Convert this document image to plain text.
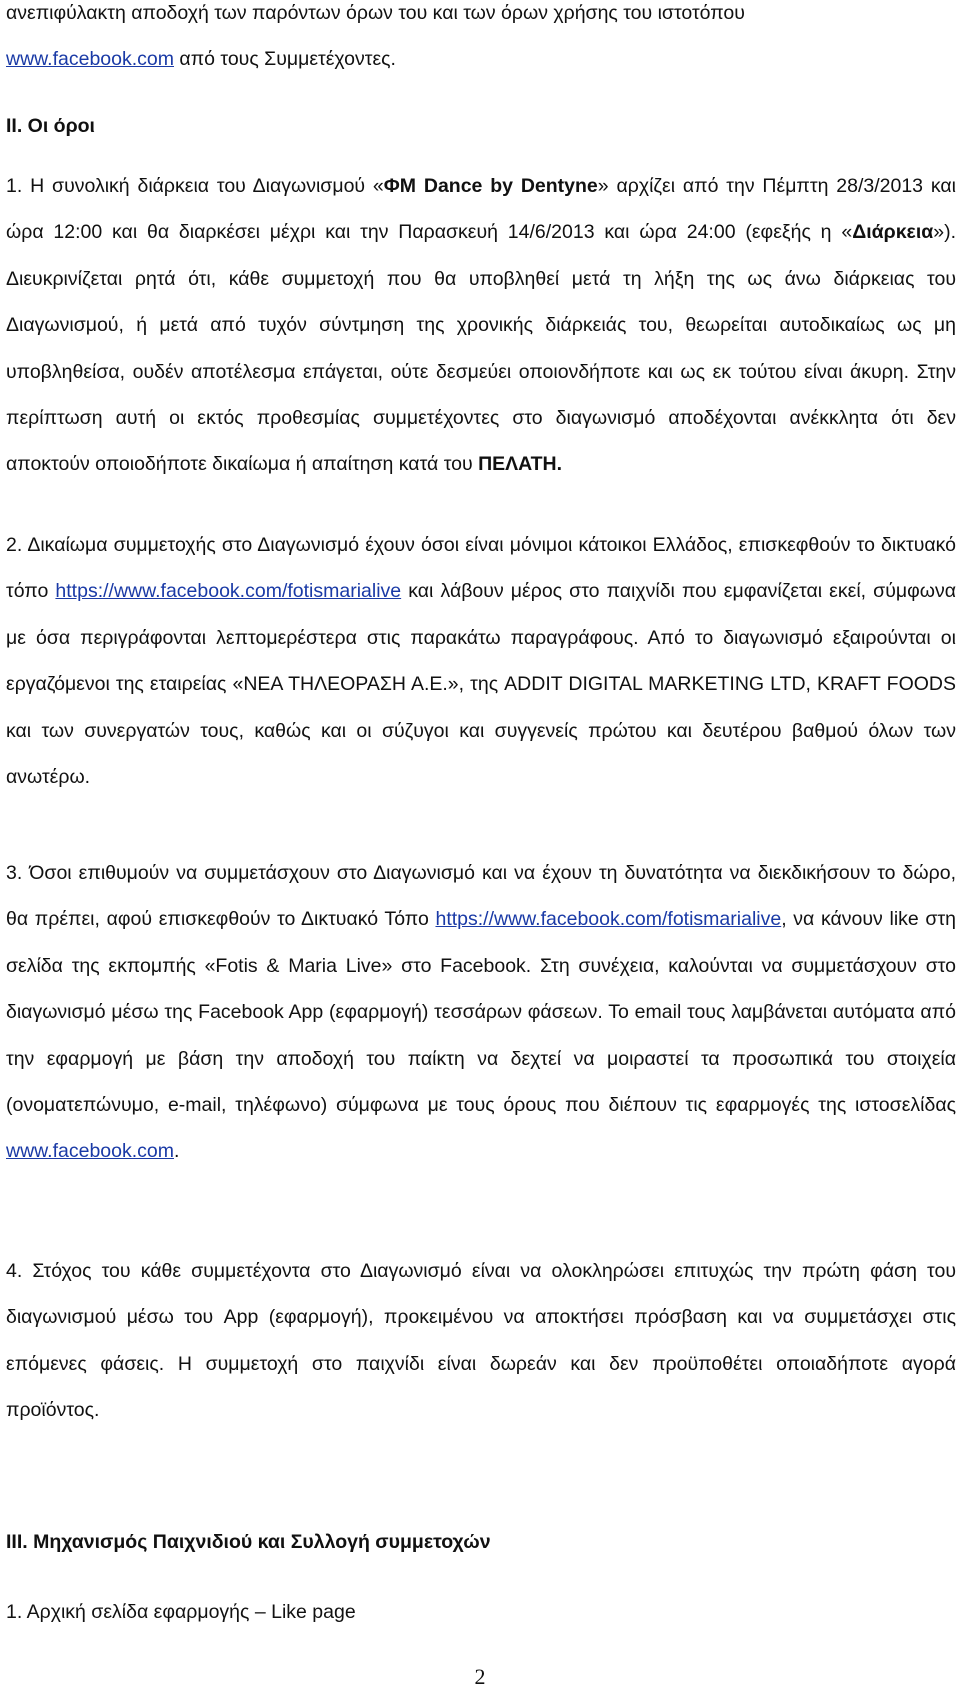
ανεπιφύλακτη αποδοχή των παρόντων όρων του και των όρων χρήσης του ιστοτόπου
www.facebook.com από τους Συμμετέχοντες.
II. Οι όροι
1. Η συνολική διάρκεια του Διαγωνισμού «ΦΜ Dance by Dentyne» αρχίζει από την Πέμπτη 28/3/2013 και ώρα 12:00 και θα διαρκέσει μέχρι και την Παρασκευή 14/6/2013 και ώρα 24:00 (εφεξής η «Διάρκεια»). Διευκρινίζεται ρητά ότι, κάθε συμμετοχή που θα υποβληθεί μετά τη λήξη της ως άνω διάρκειας του Διαγωνισμού, ή μετά από τυχόν σύντμηση της χρονικής διάρκειάς του, θεωρείται αυτοδικαίως ως μη υποβληθείσα, ουδέν αποτέλεσμα επάγεται, ούτε δεσμεύει οποιονδήποτε και ως εκ τούτου είναι άκυρη. Στην περίπτωση αυτή οι εκτός προθεσμίας συμμετέχοντες στο διαγωνισμό αποδέχονται ανέκκλητα ότι δεν αποκτούν οποιοδήποτε δικαίωμα ή απαίτηση κατά του ΠΕΛΑΤΗ.
2. Δικαίωμα συμμετοχής στο Διαγωνισμό έχουν όσοι είναι μόνιμοι κάτοικοι Ελλάδος, επισκεφθούν το δικτυακό τόπο https://www.facebook.com/fotismarialive και λάβουν μέρος στο παιχνίδι που εμφανίζεται εκεί, σύμφωνα με όσα περιγράφονται λεπτομερέστερα στις παρακάτω παραγράφους. Από το διαγωνισμό εξαιρούνται οι εργαζόμενοι της εταιρείας «ΝΕΑ ΤΗΛΕΟΡΑΣΗ Α.Ε.», της ADDIT DIGITAL MARKETING LTD, KRAFT FOODS και των συνεργατών τους, καθώς και οι σύζυγοι και συγγενείς πρώτου και δευτέρου βαθμού όλων των ανωτέρω.
3. Όσοι επιθυμούν να συμμετάσχουν στο Διαγωνισμό και να έχουν τη δυνατότητα να διεκδικήσουν το δώρο, θα πρέπει, αφού επισκεφθούν το Δικτυακό Τόπο https://www.facebook.com/fotismarialive, να κάνουν like στη σελίδα της εκπομπής «Fotis & Maria Live» στο Facebook. Στη συνέχεια, καλούνται να συμμετάσχουν στο διαγωνισμό μέσω της Facebook App (εφαρμογή) τεσσάρων φάσεων. Το email τους λαμβάνεται αυτόματα από την εφαρμογή με βάση την αποδοχή του παίκτη να δεχτεί να μοιραστεί τα προσωπικά του στοιχεία (ονοματεπώνυμο, e-mail, τηλέφωνο) σύμφωνα με τους όρους που διέπουν τις εφαρμογές της ιστοσελίδας www.facebook.com.
4. Στόχος του κάθε συμμετέχοντα στο Διαγωνισμό είναι να ολοκληρώσει επιτυχώς την πρώτη φάση του διαγωνισμού μέσω του App (εφαρμογή), προκειμένου να αποκτήσει πρόσβαση και να συμμετάσχει στις επόμενες φάσεις. Η συμμετοχή στο παιχνίδι είναι δωρεάν και δεν προϋποθέτει οποιαδήποτε αγορά προϊόντος.
III. Μηχανισμός Παιχνιδιού και Συλλογή συμμετοχών
1. Αρχική σελίδα εφαρμογής – Like page
2
